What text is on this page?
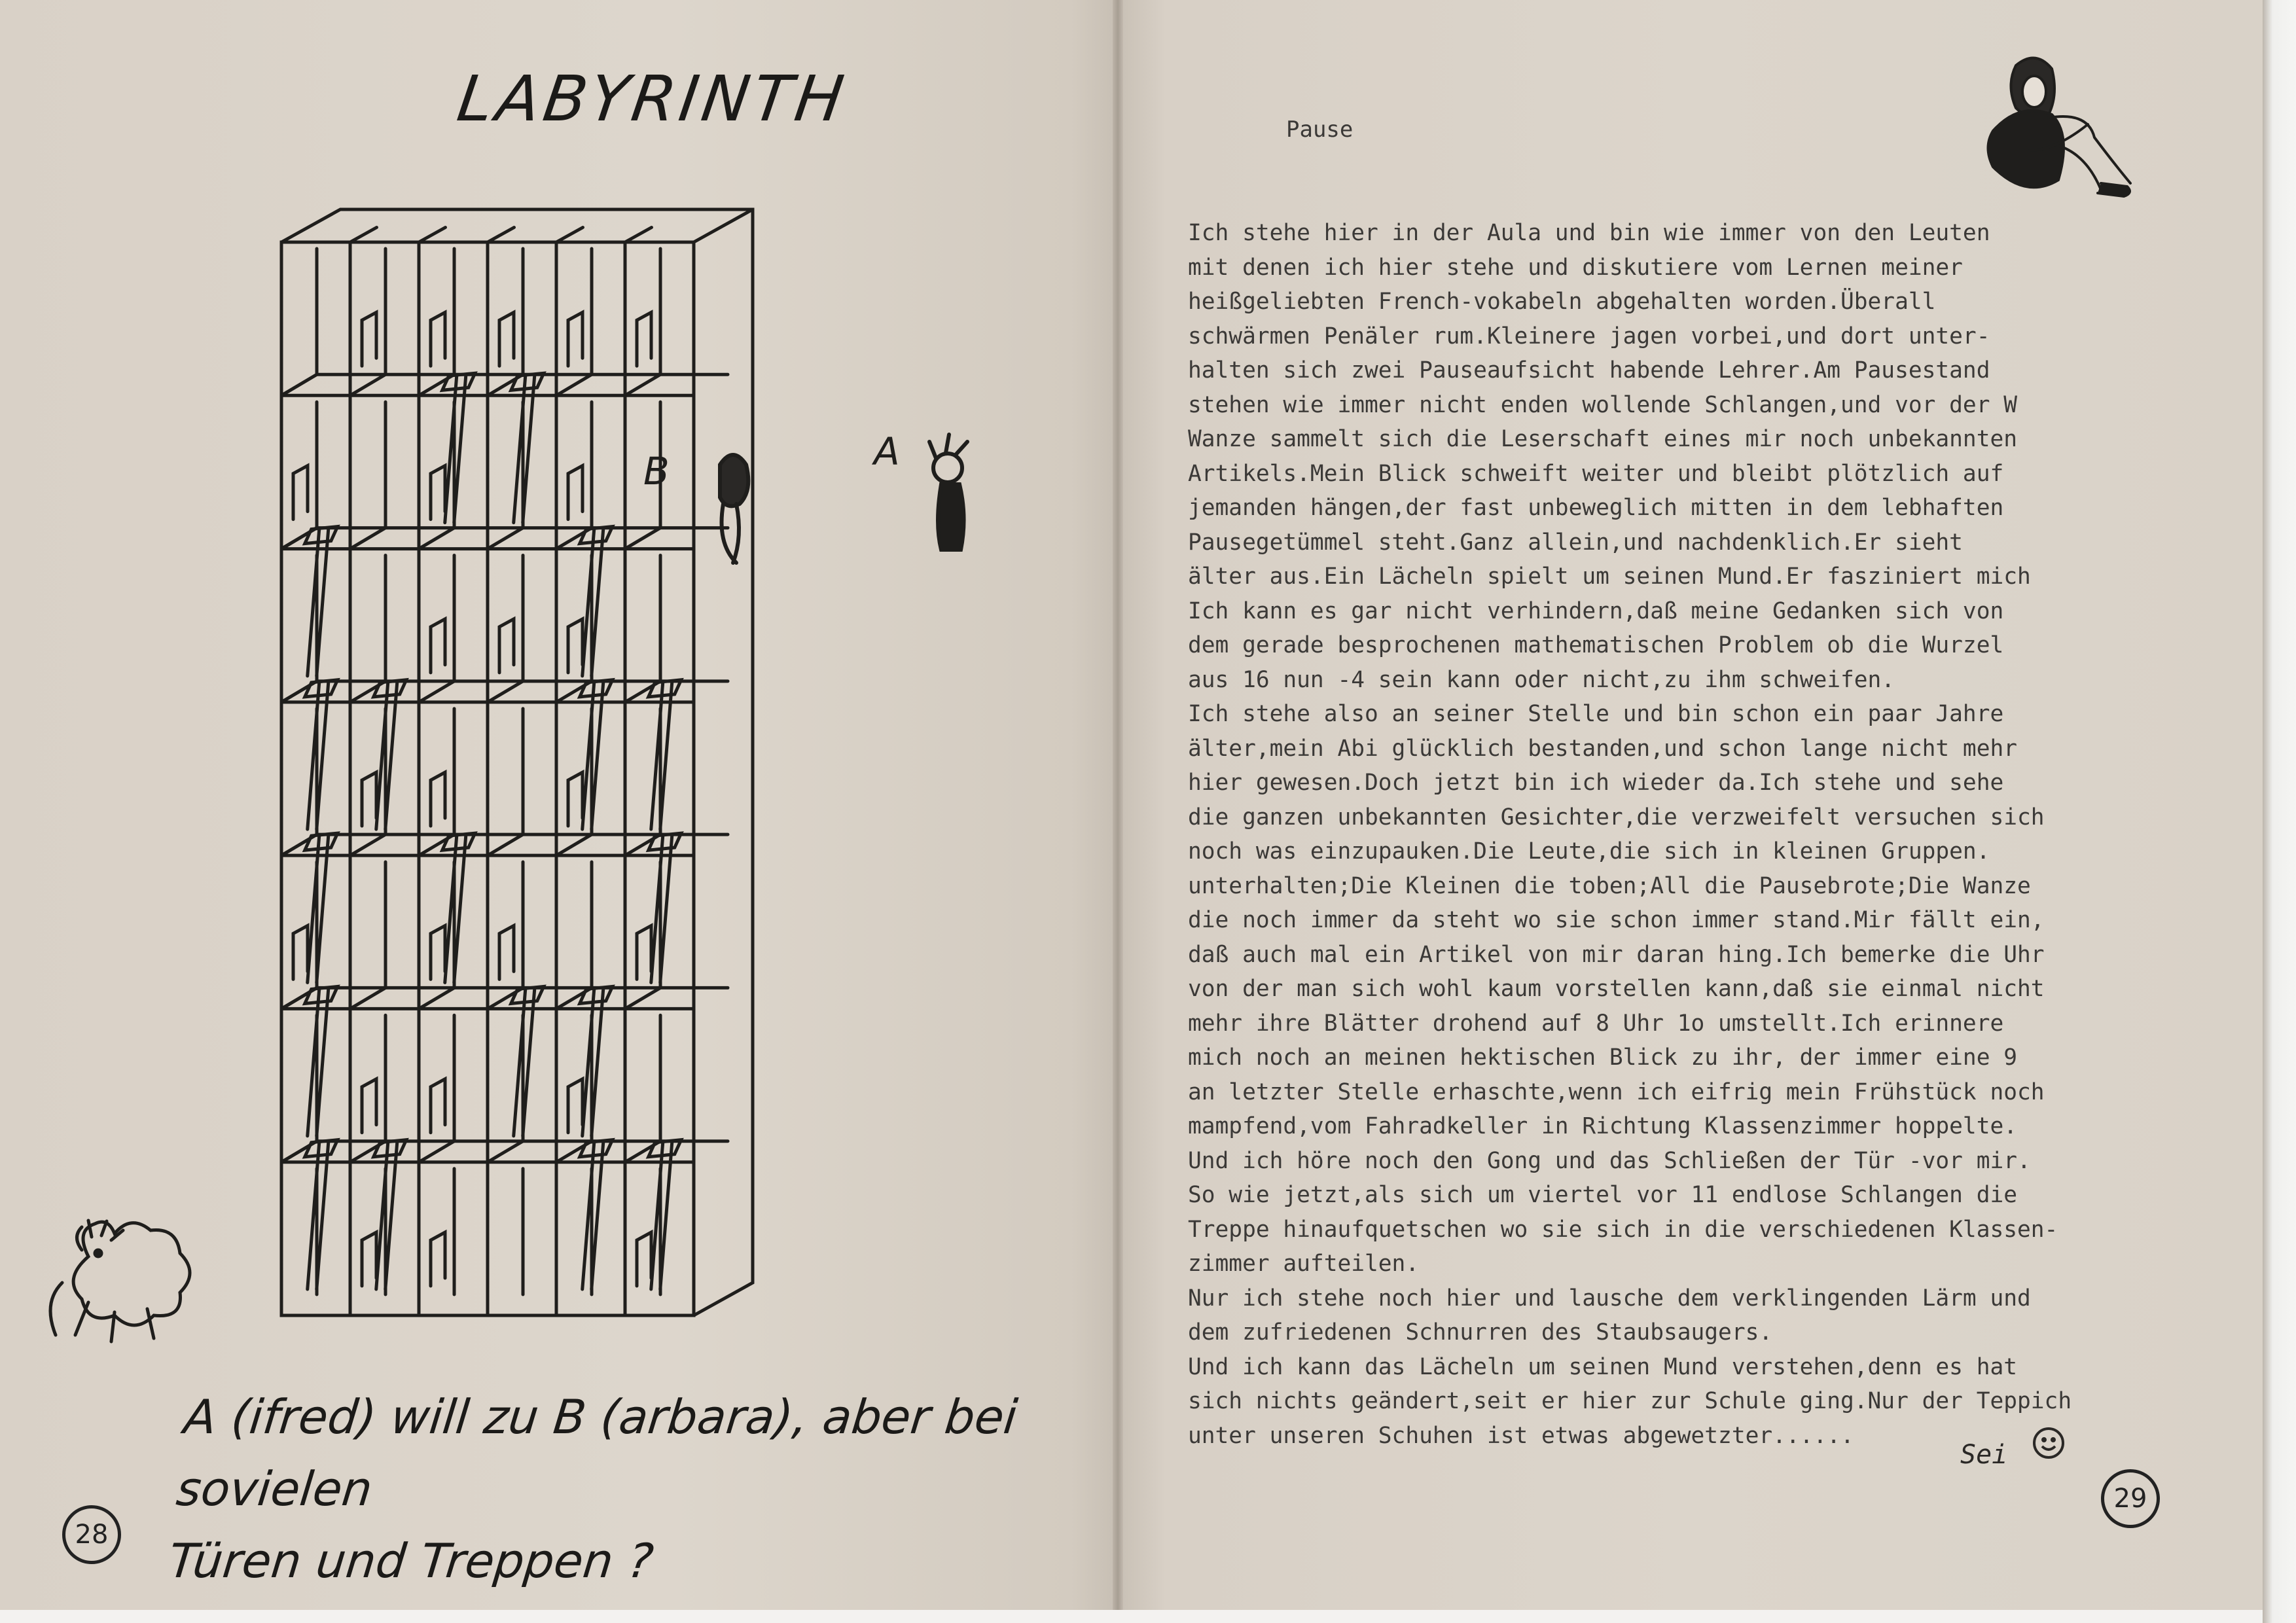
LABYRINTH
B	A
A (ifred) will zu B (arbara), aber bei sovielen
Türen und Treppen ?
28
Pause
Ich stehe hier in der Aula und bin wie immer von den Leuten
mit denen ich hier stehe und diskutiere vom Lernen meiner
heißgeliebten French-vokabeln abgehalten worden.Überall
schwärmen Penäler rum.Kleinere jagen vorbei,und dort unter-
halten sich zwei Pauseaufsicht habende Lehrer.Am Pausestand
stehen wie immer nicht enden wollende Schlangen,und vor der W
Wanze sammelt sich die Leserschaft eines mir noch unbekannten
Artikels.Mein Blick schweift weiter und bleibt plötzlich auf
jemanden hängen,der fast unbeweglich mitten in dem lebhaften
Pausegetümmel steht.Ganz allein,und nachdenklich.Er sieht
älter aus.Ein Lächeln spielt um seinen Mund.Er fasziniert mich
Ich kann es gar nicht verhindern,daß meine Gedanken sich von
dem gerade besprochenen mathematischen Problem ob die Wurzel
aus 16 nun -4 sein kann oder nicht,zu ihm schweifen.
Ich stehe also an seiner Stelle und bin schon ein paar Jahre
älter,mein Abi glücklich bestanden,und schon lange nicht mehr
hier gewesen.Doch jetzt bin ich wieder da.Ich stehe und sehe
die ganzen unbekannten Gesichter,die verzweifelt versuchen sich
noch was einzupauken.Die Leute,die sich in kleinen Gruppen.
unterhalten;Die Kleinen die toben;All die Pausebrote;Die Wanze
die noch immer da steht wo sie schon immer stand.Mir fällt ein,
daß auch mal ein Artikel von mir daran hing.Ich bemerke die Uhr
von der man sich wohl kaum vorstellen kann,daß sie einmal nicht
mehr ihre Blätter drohend auf 8 Uhr 1o umstellt.Ich erinnere
mich noch an meinen hektischen Blick zu ihr, der immer eine 9
an letzter Stelle erhaschte,wenn ich eifrig mein Frühstück noch
mampfend,vom Fahradkeller in Richtung Klassenzimmer hoppelte.
Und ich höre noch den Gong und das Schließen der Tür -vor mir.
So wie jetzt,als sich um viertel vor 11 endlose Schlangen die
Treppe hinaufquetschen wo sie sich in die verschiedenen Klassen-
zimmer aufteilen.
Nur ich stehe noch hier und lausche dem verklingenden Lärm und
dem zufriedenen Schnurren des Staubsaugers.
Und ich kann das Lächeln um seinen Mund verstehen,denn es hat
sich nichts geändert,seit er hier zur Schule ging.Nur der Teppich
unter unseren Schuhen ist etwas abgewetzter......
Sei
29
